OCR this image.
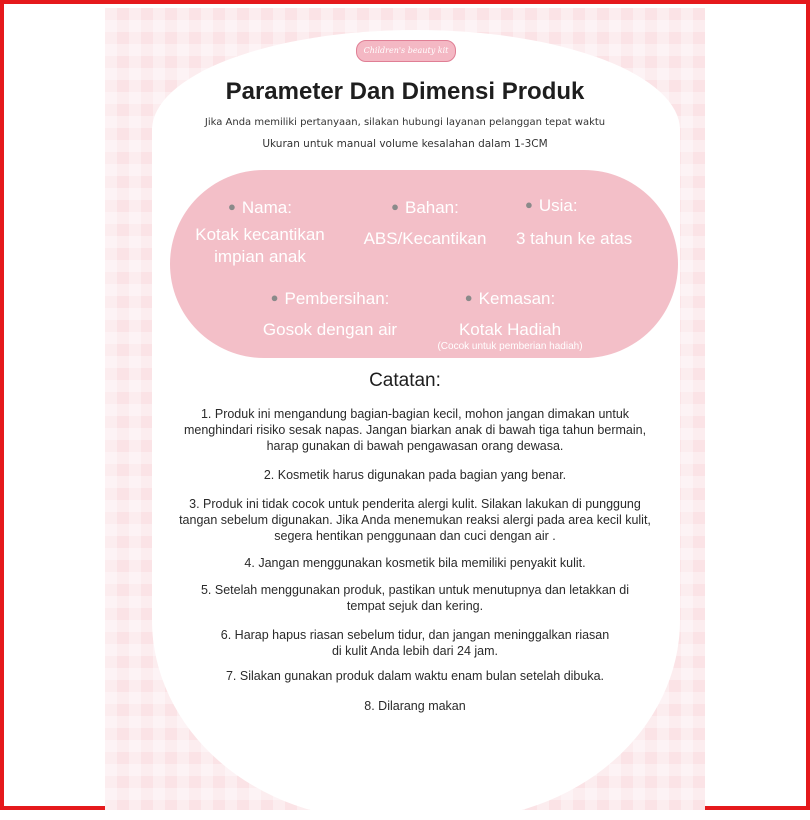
Children's beauty kit
Parameter Dan Dimensi Produk
Jika Anda memiliki pertanyaan, silakan hubungi layanan pelanggan tepat waktu
Ukuran untuk manual volume kesalahan dalam 1-3CM
● Nama:
Kotak kecantikan
impian anak
● Bahan:
ABS/Kecantikan
● Usia:
3 tahun ke atas
● Pembersihan:
Gosok dengan air
● Kemasan:
Kotak Hadiah
(Cocok untuk pemberian hadiah)
Catatan:
1. Produk ini mengandung bagian-bagian kecil, mohon jangan dimakan untuk
menghindari risiko sesak napas. Jangan biarkan anak di bawah tiga tahun bermain,
harap gunakan di bawah pengawasan orang dewasa.
2. Kosmetik harus digunakan pada bagian yang benar.
3. Produk ini tidak cocok untuk penderita alergi kulit. Silakan lakukan di punggung
tangan sebelum digunakan. Jika Anda menemukan reaksi alergi pada area kecil kulit,
segera hentikan penggunaan dan cuci dengan air .
4. Jangan menggunakan kosmetik bila memiliki penyakit kulit.
5. Setelah menggunakan produk, pastikan untuk menutupnya dan letakkan di
tempat sejuk dan kering.
6. Harap hapus riasan sebelum tidur, dan jangan meninggalkan riasan
di kulit Anda lebih dari 24 jam.
7. Silakan gunakan produk dalam waktu enam bulan setelah dibuka.
8. Dilarang makan
